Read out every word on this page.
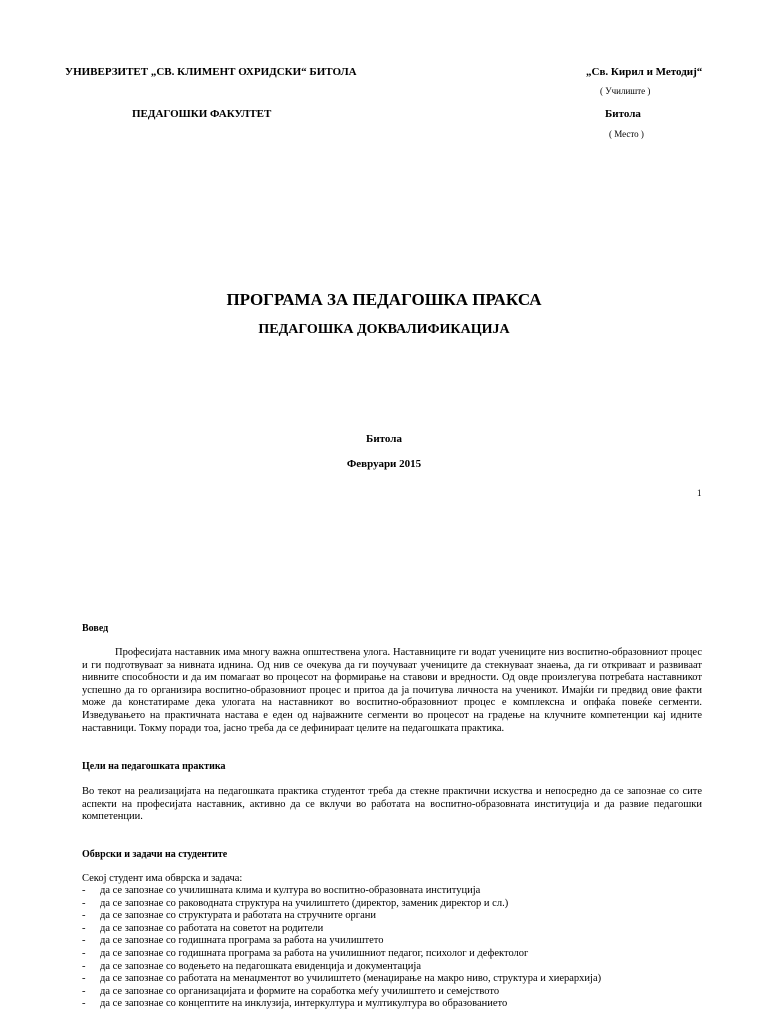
УНИВЕРЗИТЕТ „СВ. КЛИМЕНТ ОХРИДСКИ“ БИТОЛА
ПЕДАГОШКИ ФАКУЛТЕТ
„Св. Кирил и Методиј“
( Училиште )
Битола
( Место )
ПРОГРАМА ЗА ПЕДАГОШКА ПРАКСА
ПЕДАГОШКА ДОКВАЛИФИКАЦИЈА
Битола
Февруари 2015
1
Вовед
Професијата наставник има многу важна општествена улога. Наставниците ги водат учениците низ воспитно-образовниот процес и ги подготвуваат за нивната иднина. Од нив се очекува да ги поучуваат учениците да стекнуваат знаења, да ги откриваат и развиваат нивните способности и да им помагаат во процесот на формирање на ставови и вредности. Од овде произлегува потребата наставникот успешно да го организира воспитно-образовниот процес и притоа да ја почитува личноста на ученикот. Имајќи ги предвид овие факти може да констатираме дека улогата на наставникот во воспитно-образовниот процес е комплексна и опфаќа повеќе сегменти. Изведувањето на практичната настава е еден од најважните сегменти во процесот на градење на клучните компетенции кај идните наставници. Токму поради тоа, јасно треба да се дефинираат целите на педагошката практика.
Цели на педагошката практика
Во текот на реализацијата на педагошката практика студентот треба да стекне практични искуства и непосредно да се запознае со сите аспекти на професијата наставник, активно да се вклучи во работата на воспитно-образовната институција и да развие педагошки компетенции.
Обврски и задачи на студентите
Секој студент има обврска и задача:
- да се запознае со училишната клима и култура во воспитно-образовната институција
- да се запознае со раководната структура на училиштето (директор, заменик директор и сл.)
- да се запознае со структурата и работата на стручните органи
- да се запознае со работата на советот на родители
- да се запознае со годишната програма за работа на училиштето
- да се запознае со годишната програма за работа на училишниот педагог, психолог и дефектолог
- да се запознае со водењето на педагошката евиденција и документација
- да се запознае со работата на менаџментот во училиштето (менаџирање на макро ниво, структура и хиерархија)
- да се запознае со организацијата и формите на соработка меѓу училиштето и семејството
- да се запознае со концептите на инклузија, интеркултура и мултикултура во образованието
